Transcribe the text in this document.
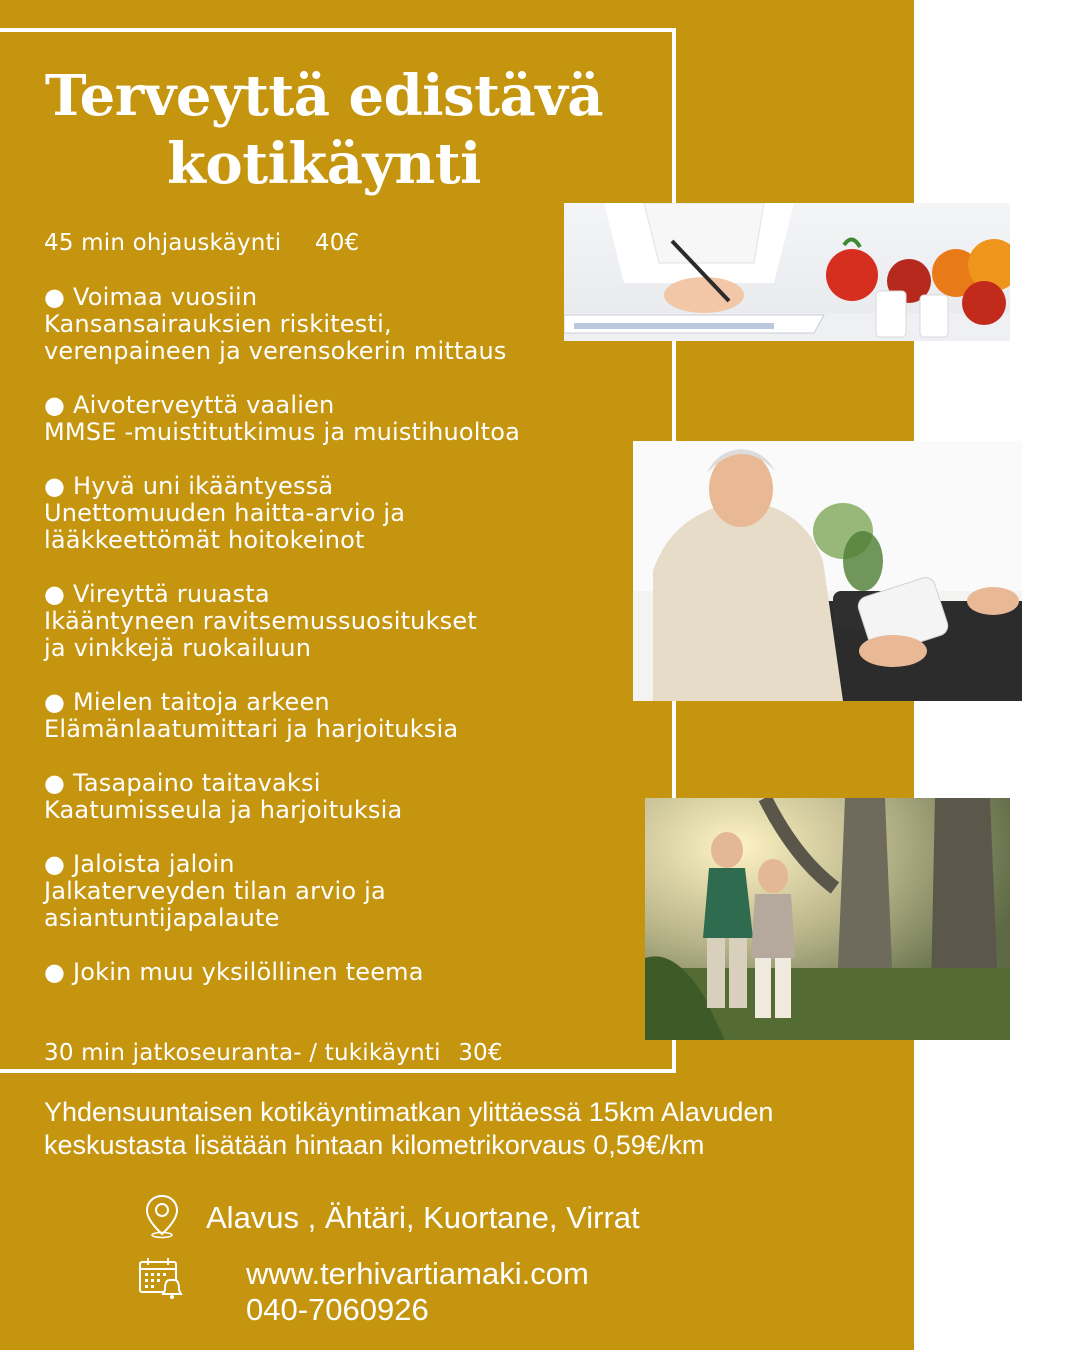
Terveyttä edistävä
kotikäynti
45 min ohjauskäynti 40€
● Voimaa vuosiin
Kansansairauksien riskitesti,
verenpaineen ja verensokerin mittaus
● Aivoterveyttä vaalien
MMSE -muistitutkimus ja muistihuoltoa
● Hyvä uni ikääntyessä
Unettomuuden haitta-arvio ja
lääkkeettömät hoitokeinot
● Vireyttä ruuasta
Ikääntyneen ravitsemussuositukset
ja vinkkejä ruokailuun
● Mielen taitoja arkeen
Elämänlaatumittari ja harjoituksia
● Tasapaino taitavaksi
Kaatumisseula ja harjoituksia
● Jaloista jaloin
Jalkaterveyden tilan arvio ja
asiantuntijapalaute
● Jokin muu yksilöllinen teema
30 min jatkoseuranta- / tukikäynti 30€
Yhdensuuntaisen kotikäyntimatkan ylittäessä 15km Alavuden
keskustasta lisätään hintaan kilometrikorvaus 0,59€/km
Alavus , Ähtäri, Kuortane, Virrat
www.terhivartiamaki.com
040-7060926
